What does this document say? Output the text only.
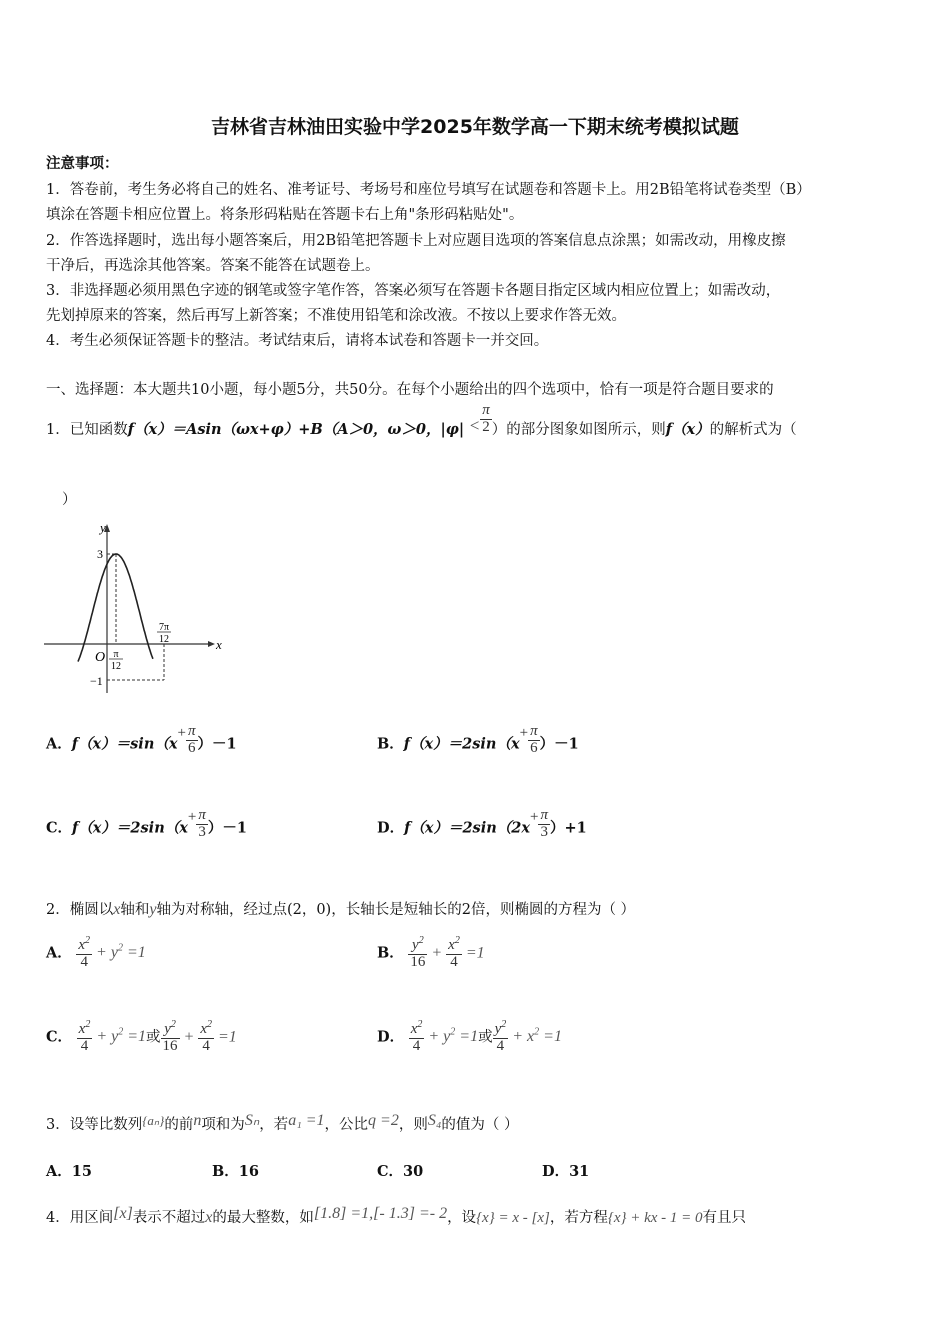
吉林省吉林油田实验中学2025年数学高一下期末统考模拟试题
注意事项：
1．答卷前，考生务必将自己的姓名、准考证号、考场号和座位号填写在试题卷和答题卡上。用2B铅笔将试卷类型（B）
填涂在答题卡相应位置上。将条形码粘贴在答题卡右上角"条形码粘贴处"。
2．作答选择题时，选出每小题答案后，用2B铅笔把答题卡上对应题目选项的答案信息点涂黑；如需改动，用橡皮擦
干净后，再选涂其他答案。答案不能答在试题卷上。
3．非选择题必须用黑色字迹的钢笔或签字笔作答，答案必须写在答题卡各题目指定区域内相应位置上；如需改动，
先划掉原来的答案，然后再写上新答案；不准使用铅笔和涂改液。不按以上要求作答无效。
4．考生必须保证答题卡的整洁。考试结束后，请将本试卷和答题卡一并交回。
一、选择题：本大题共10小题，每小题5分，共50分。在每个小题给出的四个选项中，恰有一项是符合题目要求的
1．已知函数f（x）＝Asin（ωx+φ）+B（A＞0，ω＞0，$|\varphi| < \frac{\pi}{2}$ ）的部分图象如图所示，则f（x）的解析式为（
）
y
x
O
3
−1
π
12
7π
12
A．$f(x)=\sin(x+ \frac{\pi}{6} )-1$	B．$f(x)=2\sin(x+ \frac{\pi}{6} )-1$
C．$f(x)=2\sin(x+ \frac{\pi}{3} )-1$	D．$f(x)=2\sin(2x+ \frac{\pi}{3} )+1$
2．椭圆以x轴和y轴为对称轴，经过点(2，0)，长轴长是短轴长的2倍，则椭圆的方程为（ ）
A． $\frac{x^2}{4} + y^2 =1$	B． $\frac{y^2}{16} + \frac{x^2}{4} =1$
C． $\frac{x^2}{4} + y^2 =1$或 $\frac{y^2}{16} + \frac{x^2}{4} =1$	D． $\frac{x^2}{4} + y^2 =1$或 $\frac{y^2}{4} + x^2 =1$
3．设等比数列{aₙ}的前n项和为Sₙ，若a₁ =1，公比q =2，则S₄的值为（ ）
A．15	B．16	C．30	D．31
4．用区间[x]表示不超过x的最大整数，如[1.8] =1,[- 1.3] =- 2，设{x} = x - [x]，若方程{x} + kx - 1 = 0有且只
